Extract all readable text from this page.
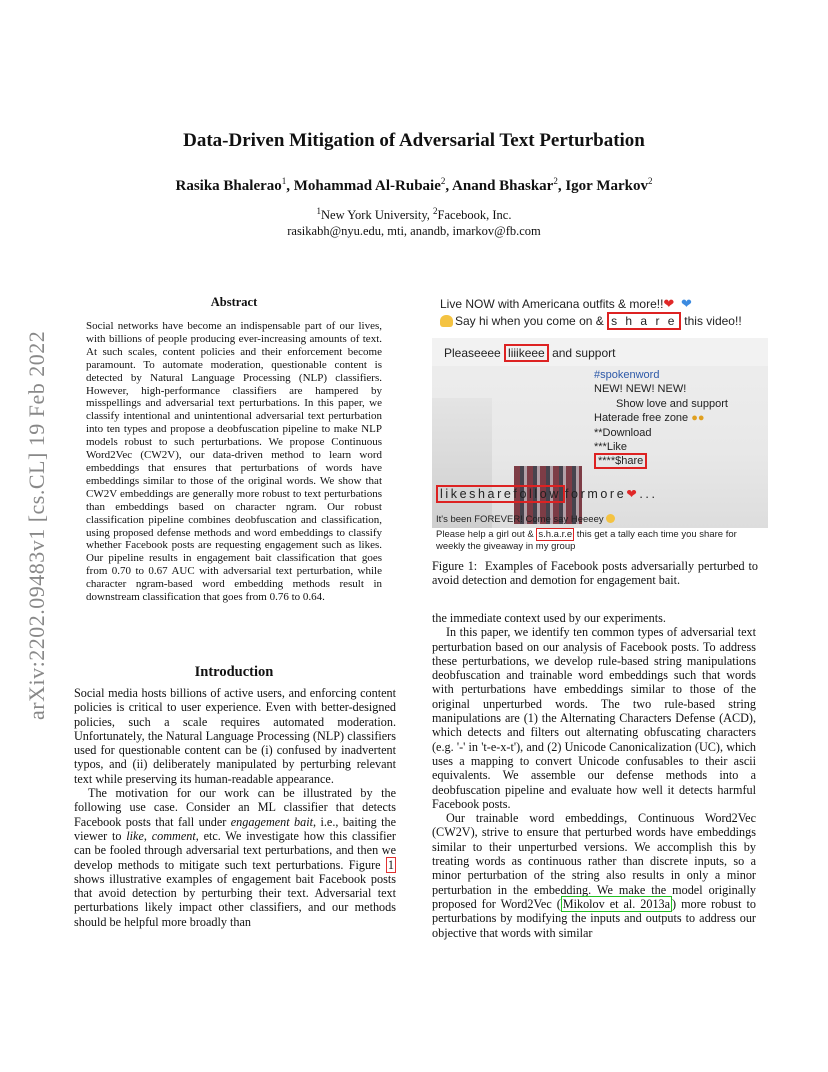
arXiv:2202.09483v1 [cs.CL] 19 Feb 2022
Data-Driven Mitigation of Adversarial Text Perturbation
Rasika Bhalerao$^1$, Mohammad Al-Rubaie$^2$, Anand Bhaskar$^2$, Igor Markov$^2$
$^1$New York University, $^2$Facebook, Inc.
rasikabh@nyu.edu, mti, anandb, imarkov@fb.com
Abstract
Social networks have become an indispensable part of our lives, with billions of people producing ever-increasing amounts of text. At such scales, content policies and their enforcement become paramount. To automate moderation, questionable content is detected by Natural Language Processing (NLP) classifiers. However, high-performance classifiers are hampered by misspellings and adversarial text perturbations. In this paper, we classify intentional and unintentional adversarial text perturbation into ten types and propose a deobfuscation pipeline to make NLP models robust to such perturbations. We propose Continuous Word2Vec (CW2V), our data-driven method to learn word embeddings that ensures that perturbations of words have embeddings similar to those of the original words. We show that CW2V embeddings are generally more robust to text perturbations than embeddings based on character ngram. Our robust classification pipeline combines deobfuscation and classification, using proposed defense methods and word embeddings to classify whether Facebook posts are requesting engagement such as likes. Our pipeline results in engagement bait classification that goes from 0.70 to 0.67 AUC with adversarial text perturbation, while character ngram-based word embedding methods result in downstream classification that goes from 0.76 to 0.64.
Introduction

Social media hosts billions of active users, and enforcing content policies is critical to user experience. Even with better-designed policies, such a scale requires automated moderation. Unfortunately, the Natural Language Processing (NLP) classifiers used for questionable content can be (i) confused by inadvertent typos, and (ii) deliberately manipulated by perturbing relevant text while preserving its human-readable appearance.

The motivation for our work can be illustrated by the following use case. Consider an ML classifier that detects Facebook posts that fall under engagement bait, i.e., baiting the viewer to like, comment, etc. We investigate how this classifier can be fooled through adversarial text perturbations, and then we develop methods to mitigate such text perturbations. Figure 1 shows illustrative examples of engagement bait Facebook posts that avoid detection by perturbing their text. Adversarial text perturbations likely impact other classifiers, and our methods should be helpful more broadly than

Live NOW with Americana outfits & more!!❤ ❤
Say hi when you come on & s h a r e this video!!
Pleaseeee liiikeee and support
#spokenword
NEW! NEW! NEW!
Show love and support
Haterade free zone ●●
**Download
***Like
****$hare
likesharefollow formore❤...
It's been FOREVER! Come say Heeeey
Please help a girl out & s.h.a.r.e this get a tally each time you share for
weekly the giveaway in my group
Figure 1: Examples of Facebook posts adversarially perturbed to avoid detection and demotion for engagement bait.

the immediate context used by our experiments.

In this paper, we identify ten common types of adversarial text perturbation based on our analysis of Facebook posts. To address these perturbations, we develop rule-based string manipulations deobfuscation and trainable word embeddings such that words with perturbations have embeddings similar to those of the original unperturbed words. The two rule-based string manipulations are (1) the Alternating Characters Defense (ACD), which detects and filters out alternating obfuscating characters (e.g. '-' in 't-e-x-t'), and (2) Unicode Canonicalization (UC), which uses a mapping to convert Unicode confusables to their ascii equivalents. We assemble our defense methods into a deobfuscation pipeline and evaluate how well it detects harmful Facebook posts.

Our trainable word embeddings, Continuous Word2Vec (CW2V), strive to ensure that perturbed words have embeddings similar to their unperturbed versions. We accomplish this by treating words as continuous rather than discrete inputs, so a minor perturbation of the string also results in only a minor perturbation in the embedding. We make the model originally proposed for Word2Vec ( Mikolov et al. 2013a ) more robust to perturbations by modifying the inputs and outputs to address our objective that words with similar
